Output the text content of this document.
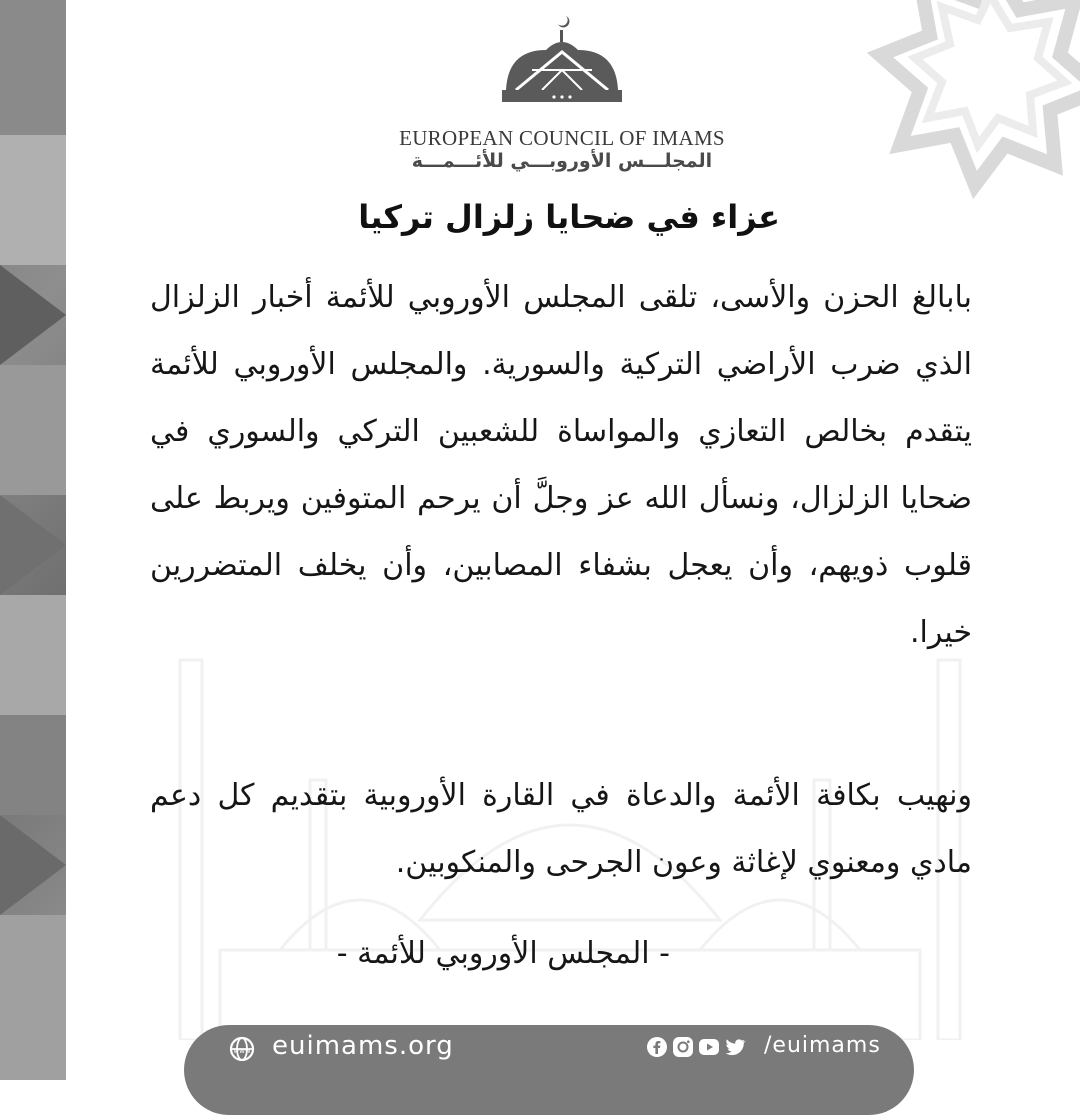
EUROPEAN COUNCIL OF IMAMS
المجلـــس الأوروبـــي للأئـــمـــة
عزاء في ضحايا زلزال تركيا
بابالغ الحزن والأسى، تلقى المجلس الأوروبي للأئمة أخبار الزلزال الذي ضرب الأراضي التركية والسورية. والمجلس الأوروبي للأئمة يتقدم بخالص التعازي والمواساة للشعبين التركي والسوري في ضحايا الزلزال، ونسأل الله عز وجلَّ أن يرحم المتوفين ويربط على قلوب ذويهم، وأن يعجل بشفاء المصابين، وأن يخلف المتضررين خيرا.
ونهيب بكافة الأئمة والدعاة في القارة الأوروبية بتقديم كل دعم مادي ومعنوي لإغاثة وعون الجرحى والمنكوبين.
- المجلس الأوروبي للأئمة -
www euimams.org	/euimams
